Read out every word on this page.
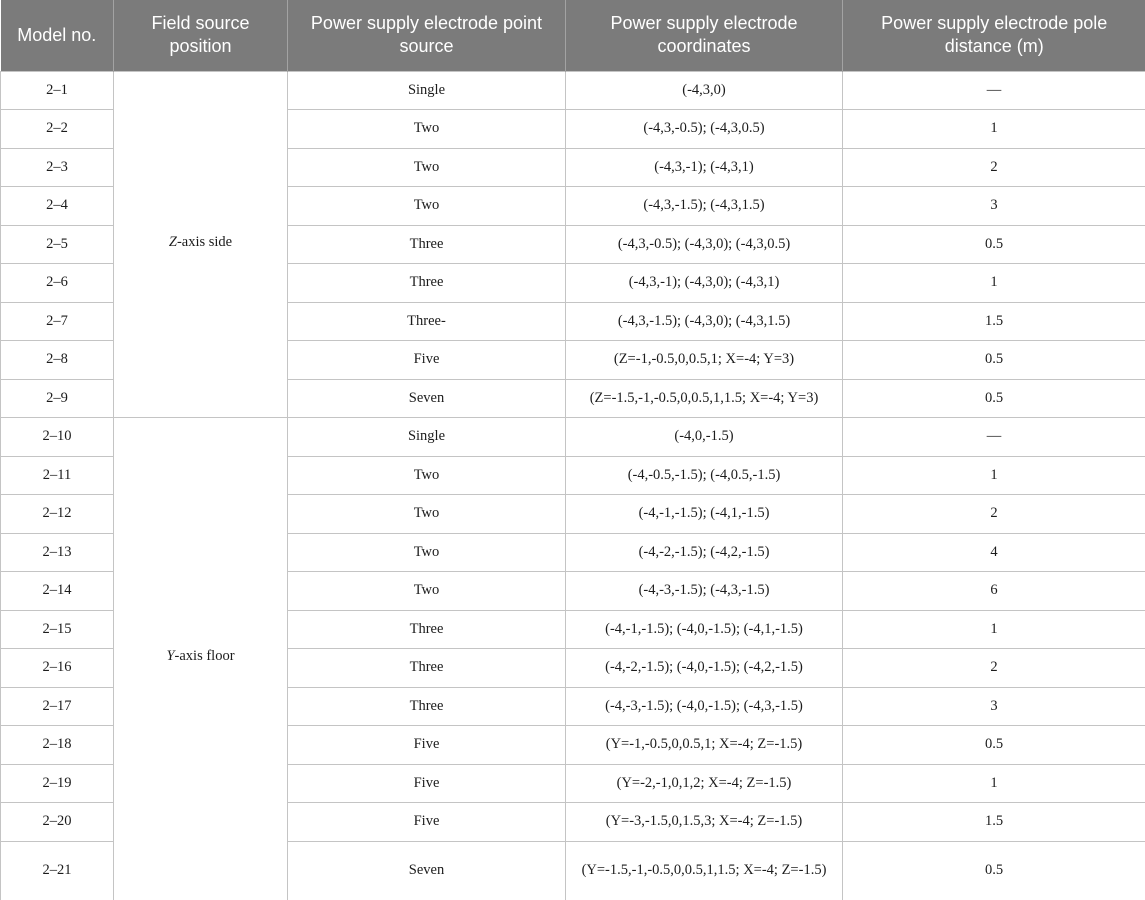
Model no.	Field source position	Power supply electrode point source	Power supply electrode coordinates	Power supply electrode pole distance (m)
2–1	Z-axis side	Single	(-4,3,0)	—
2–2		Two	(-4,3,-0.5); (-4,3,0.5)	1
2–3		Two	(-4,3,-1); (-4,3,1)	2
2–4		Two	(-4,3,-1.5); (-4,3,1.5)	3
2–5		Three	(-4,3,-0.5); (-4,3,0); (-4,3,0.5)	0.5
2–6		Three	(-4,3,-1); (-4,3,0); (-4,3,1)	1
2–7		Three-	(-4,3,-1.5); (-4,3,0); (-4,3,1.5)	1.5
2–8		Five	(Z=-1,-0.5,0,0.5,1; X=-4; Y=3)	0.5
2–9		Seven	(Z=-1.5,-1,-0.5,0,0.5,1,1.5; X=-4; Y=3)	0.5
2–10	Y-axis floor	Single	(-4,0,-1.5)	—
2–11		Two	(-4,-0.5,-1.5); (-4,0.5,-1.5)	1
2–12		Two	(-4,-1,-1.5); (-4,1,-1.5)	2
2–13		Two	(-4,-2,-1.5); (-4,2,-1.5)	4
2–14		Two	(-4,-3,-1.5); (-4,3,-1.5)	6
2–15		Three	(-4,-1,-1.5); (-4,0,-1.5); (-4,1,-1.5)	1
2–16		Three	(-4,-2,-1.5); (-4,0,-1.5); (-4,2,-1.5)	2
2–17		Three	(-4,-3,-1.5); (-4,0,-1.5); (-4,3,-1.5)	3
2–18		Five	(Y=-1,-0.5,0,0.5,1; X=-4; Z=-1.5)	0.5
2–19		Five	(Y=-2,-1,0,1,2; X=-4; Z=-1.5)	1
2–20		Five	(Y=-3,-1.5,0,1.5,3; X=-4; Z=-1.5)	1.5
2–21		Seven	(Y=-1.5,-1,-0.5,0,0.5,1,1.5; X=-4; Z=-1.5)	0.5
